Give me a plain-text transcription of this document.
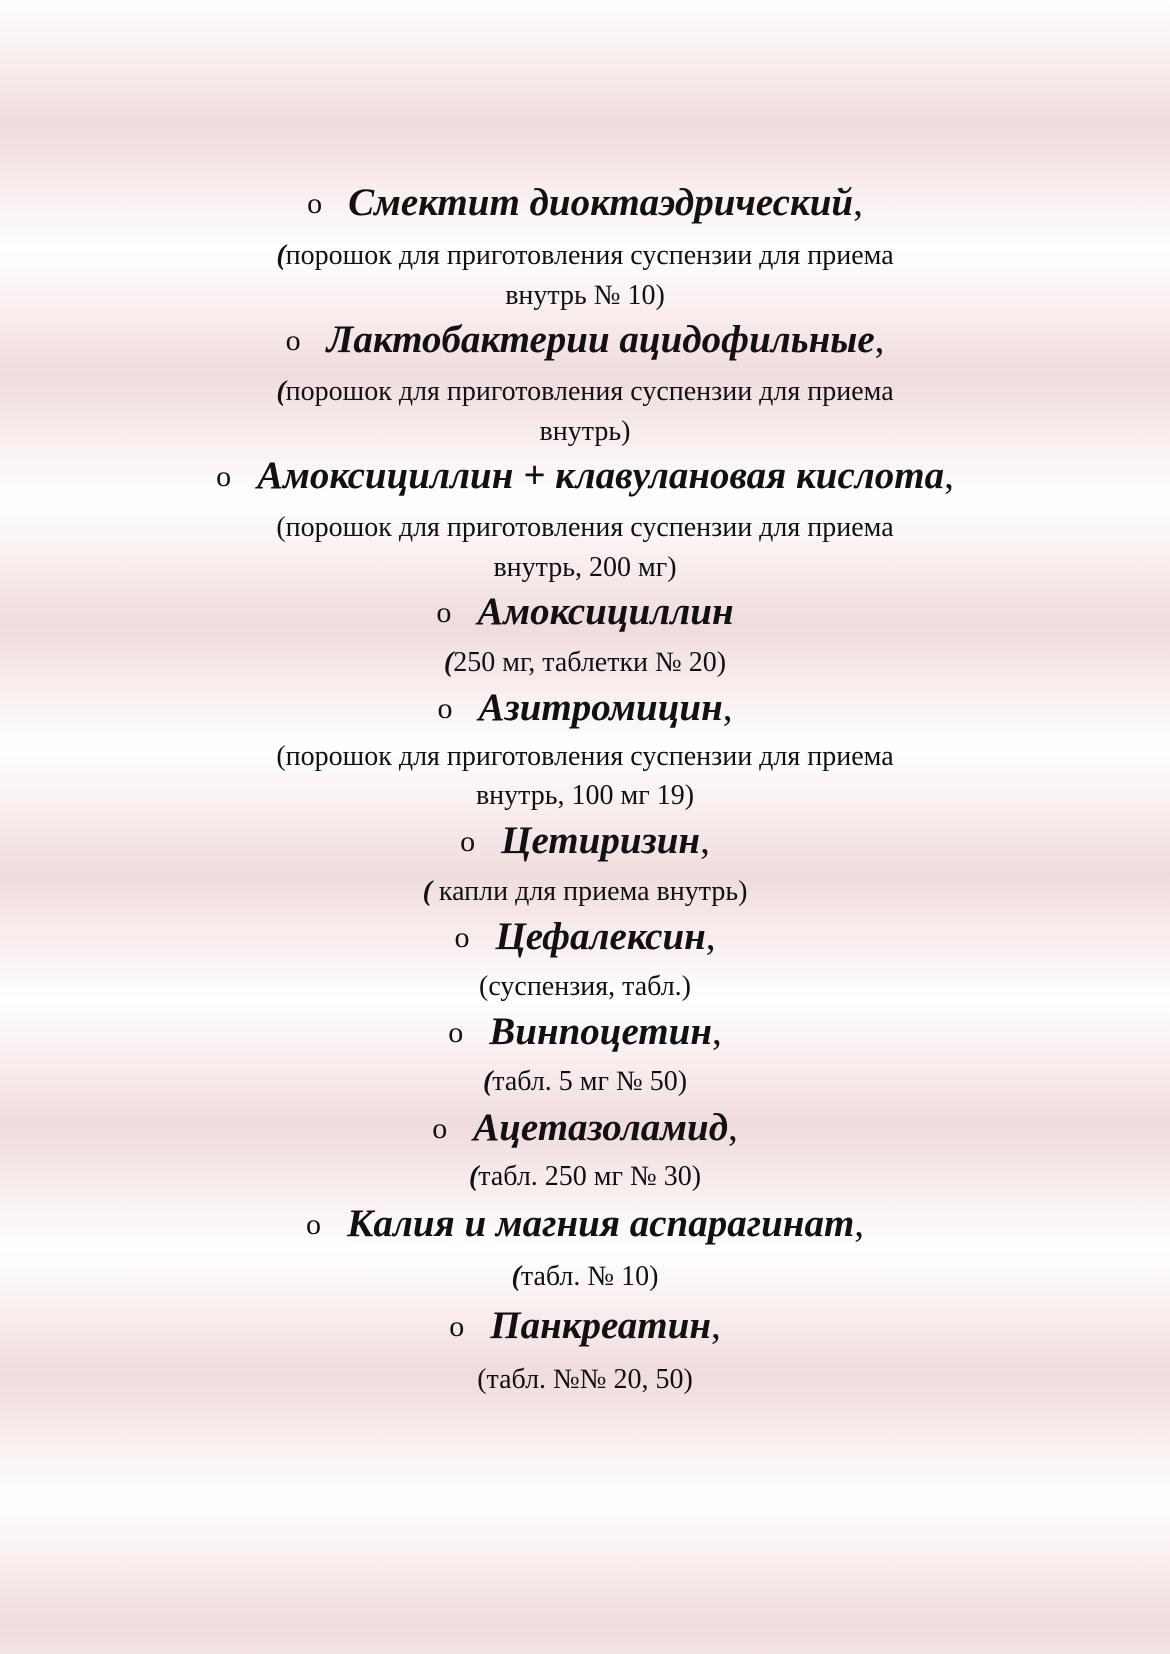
o Смектит диоктаэдрический,
(порошок для приготовления суспензии для приема
внутрь № 10)
o Лактобактерии ацидофильные,
(порошок для приготовления суспензии для приема
внутрь)
o Амоксициллин + клавулановая кислота,
(порошок для приготовления суспензии для приема
внутрь, 200 мг)
o Амоксициллин
(250 мг, таблетки № 20)
o Азитромицин,
(порошок для приготовления суспензии для приема
внутрь, 100 мг 19)
o Цетиризин,
( капли для приема внутрь)
o Цефалексин,
(суспензия, табл.)
o Винпоцетин,
(табл. 5 мг № 50)
o Ацетазоламид,
(табл. 250 мг № 30)
o Калия и магния аспарагинат,
(табл. № 10)
o Панкреатин,
(табл. №№ 20, 50)
